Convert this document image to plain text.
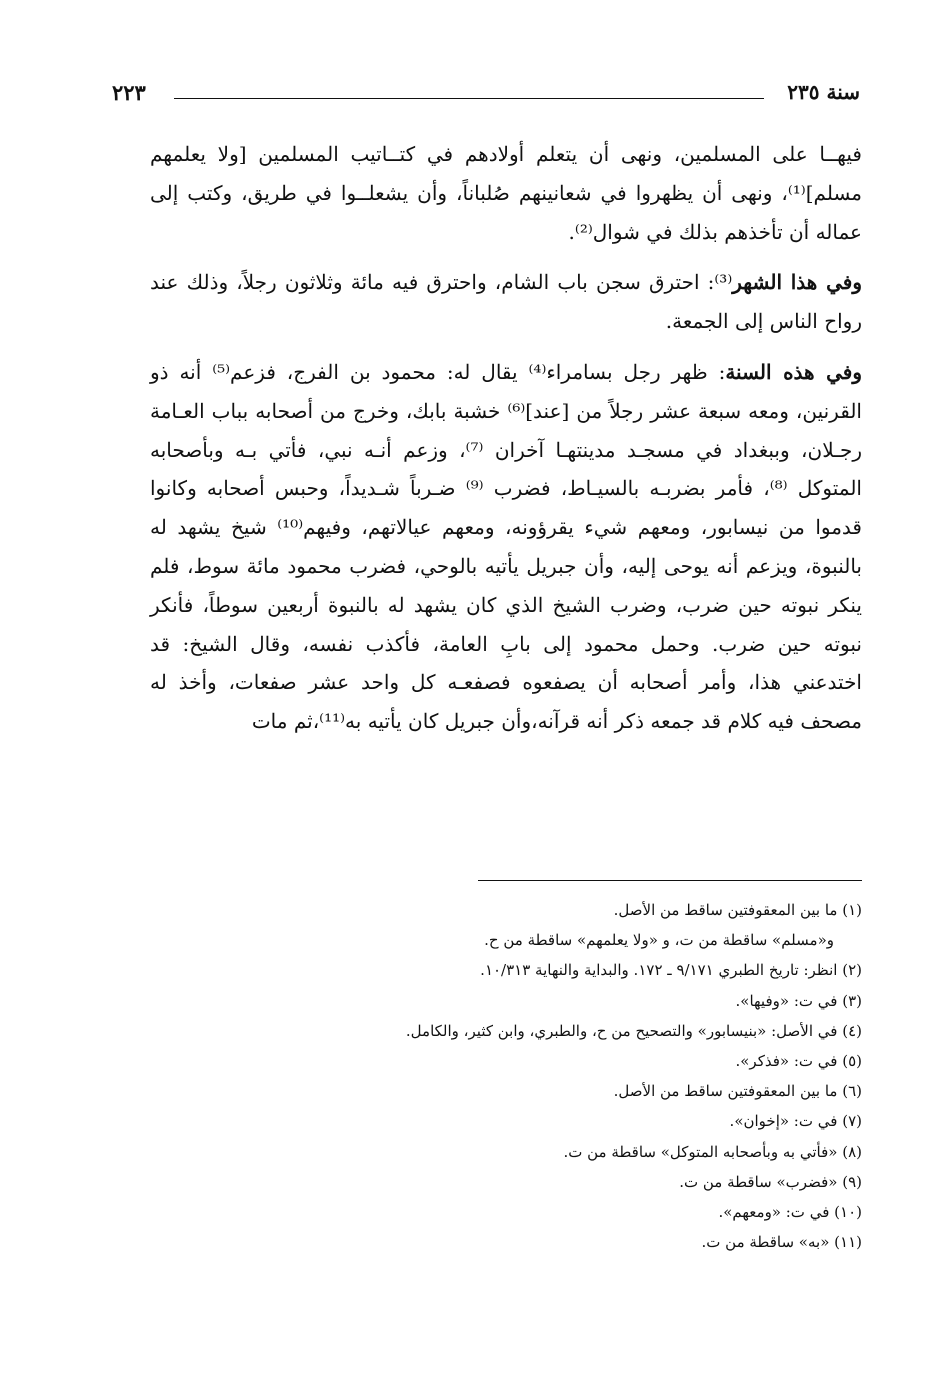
سنة ٢٣٥
٢٢٣

فيهــا على المسلمين، ونهى أن يتعلم أولادهم في كتــاتيب المسلمين [ولا يعلمهم مسلم]⁽¹⁾، ونهى أن يظهروا في شعانينهم صُلباناً، وأن يشعلــوا في طريق، وكتب إلى عماله أن تأخذهم بذلك في شوال⁽²⁾.

وفي هذا الشهر⁽³⁾: احترق سجن باب الشام، واحترق فيه مائة وثلاثون رجلاً، وذلك عند رواح الناس إلى الجمعة.

وفي هذه السنة: ظهر رجل بسامراء⁽⁴⁾ يقال له: محمود بن الفرج، فزعم⁽⁵⁾ أنه ذو القرنين، ومعه سبعة عشر رجلاً من [عند]⁽⁶⁾ خشبة بابك، وخرج من أصحابه بباب العـامة رجـلان، وببغداد في مسجـد مدينتهـا آخران ⁽⁷⁾، وزعم أنـه نبي، فأتي بـه وبأصحابه المتوكل ⁽⁸⁾، فأمر بضربـه بالسيـاط، فضرب ⁽⁹⁾ ضـرباً شـديداً، وحبس أصحابه وكانوا قدموا من نيسابور، ومعهم شيء يقرؤونه، ومعهم عيالاتهم، وفيهم⁽¹⁰⁾ شيخ يشهد له بالنبوة، ويزعم أنه يوحى إليه، وأن جبريل يأتيه بالوحي، فضرب محمود مائة سوط، فلم ينكر نبوته حين ضرب، وضرب الشيخ الذي كان يشهد له بالنبوة أربعين سوطاً، فأنكر نبوته حين ضرب. وحمل محمود إلى بابِ العامة، فأكذب نفسه، وقال الشيخ: قد اختدعني هذا، وأمر أصحابه أن يصفعوه فصفعـه كل واحد عشر صفعات، وأخذ له مصحف فيه كلام قد جمعه ذكر أنه قرآنه،وأن جبريل كان يأتيه به⁽¹¹⁾،ثم مات

(١) ما بين المعقوفتين ساقط من الأصل.

و«مسلم» ساقطة من ت، و «ولا يعلمهم» ساقطة من ح.

(٢) انظر: تاريخ الطبري ٩/١٧١ ـ ١٧٢. والبداية والنهاية ١٠/٣١٣.

(٣) في ت: «وفيها».

(٤) في الأصل: «بنيسابور» والتصحيح من ح، والطبري، وابن كثير، والكامل.

(٥) في ت: «فذكر».

(٦) ما بين المعقوفتين ساقط من الأصل.

(٧) في ت: «إخوان».

(٨) «فأتي به وبأصحابه المتوكل» ساقطة من ت.

(٩) «فضرب» ساقطة من ت.

(١٠) في ت: «ومعهم».

(١١) «به» ساقطة من ت.
